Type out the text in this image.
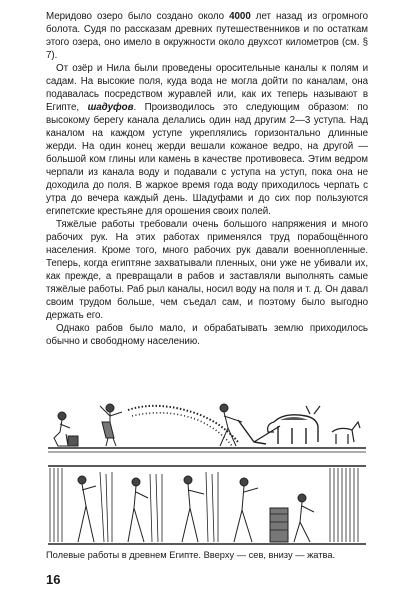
Меридово озеро было создано около 4000 лет назад из огромного болота. Судя по рассказам древних путешественников и по остаткам этого озера, оно имело в окружности около двухсот километров (см. § 7).

От озёр и Нила были проведены оросительные каналы к полям и садам. На высокие поля, куда вода не могла дойти по каналам, она подавалась посредством журавлей или, как их теперь называют в Египте, шадуфов. Производилось это следующим образом: по высокому берегу канала делались один над другим 2—3 уступа. Над каналом на каждом уступе укреплялись горизонтально длинные жерди. На один конец жерди вешали кожаное ведро, на другой — большой ком глины или камень в качестве противовеса. Этим ведром черпали из канала воду и подавали с уступа на уступ, пока она не доходила до поля. В жаркое время года воду приходилось черпать с утра до вечера каждый день. Шадуфами и до сих пор пользуются египетские крестьяне для орошения своих полей.

Тяжёлые работы требовали очень большого напряжения и много рабочих рук. На этих работах применялся труд порабощённого населения. Кроме того, много рабочих рук давали военнопленные. Теперь, когда египтяне захватывали пленных, они уже не убивали их, как прежде, а превращали в рабов и заставляли выполнять самые тяжёлые работы. Раб рыл каналы, носил воду на поля и т. д. Он давал своим трудом больше, чем съедал сам, и поэтому было выгодно держать его.

Однако рабов было мало, и обрабатывать землю приходилось обычно и свободному населению.

Полевые работы в древнем Египте. Вверху — сев, внизу — жатва.
16
